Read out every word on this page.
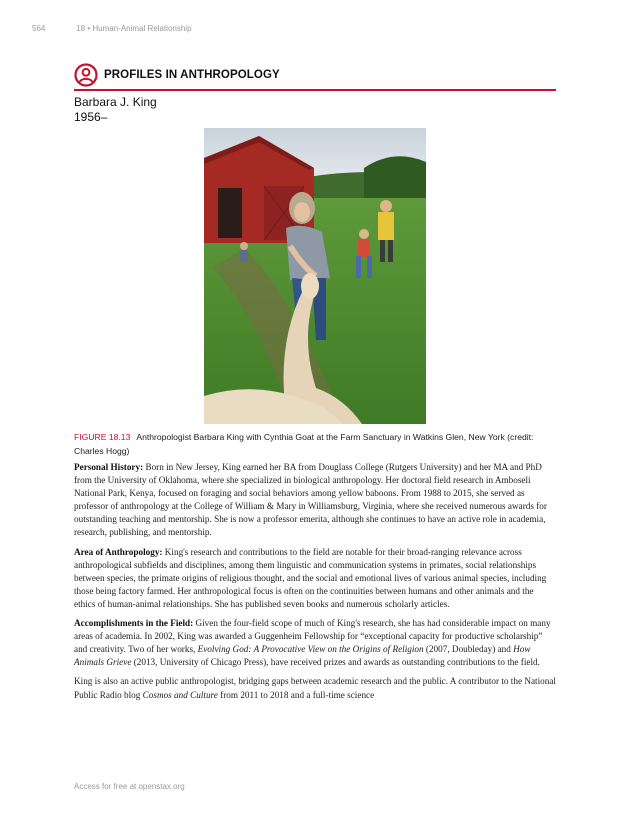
564	18 • Human-Animal Relationship
PROFILES IN ANTHROPOLOGY
Barbara J. King
1956–
FIGURE 18.13 Anthropologist Barbara King with Cynthia Goat at the Farm Sanctuary in Watkins Glen, New York (credit: Charles Hogg)

Personal History: Born in New Jersey, King earned her BA from Douglass College (Rutgers University) and her MA and PhD from the University of Oklahoma, where she specialized in biological anthropology. Her doctoral field research in Amboseli National Park, Kenya, focused on foraging and social behaviors among yellow baboons. From 1988 to 2015, she served as professor of anthropology at the College of William & Mary in Williamsburg, Virginia, where she received numerous awards for outstanding teaching and mentorship. She is now a professor emerita, although she continues to have an active role in academia, research, publishing, and mentorship.

Area of Anthropology: King's research and contributions to the field are notable for their broad-ranging relevance across anthropological subfields and disciplines, among them linguistic and communication systems in primates, social relationships between species, the primate origins of religious thought, and the social and emotional lives of various animal species, including those being factory farmed. Her anthropological focus is often on the continuities between humans and other animals and the ethics of human-animal relationships. She has published seven books and numerous scholarly articles.

Accomplishments in the Field: Given the four-field scope of much of King's research, she has had considerable impact on many areas of academia. In 2002, King was awarded a Guggenheim Fellowship for “exceptional capacity for productive scholarship” and creativity. Two of her works, Evolving God: A Provocative View on the Origins of Religion (2007, Doubleday) and How Animals Grieve (2013, University of Chicago Press), have received prizes and awards as outstanding contributions to the field.

King is also an active public anthropologist, bridging gaps between academic research and the public. A contributor to the National Public Radio blog Cosmos and Culture from 2011 to 2018 and a full-time science

Access for free at openstax.org
